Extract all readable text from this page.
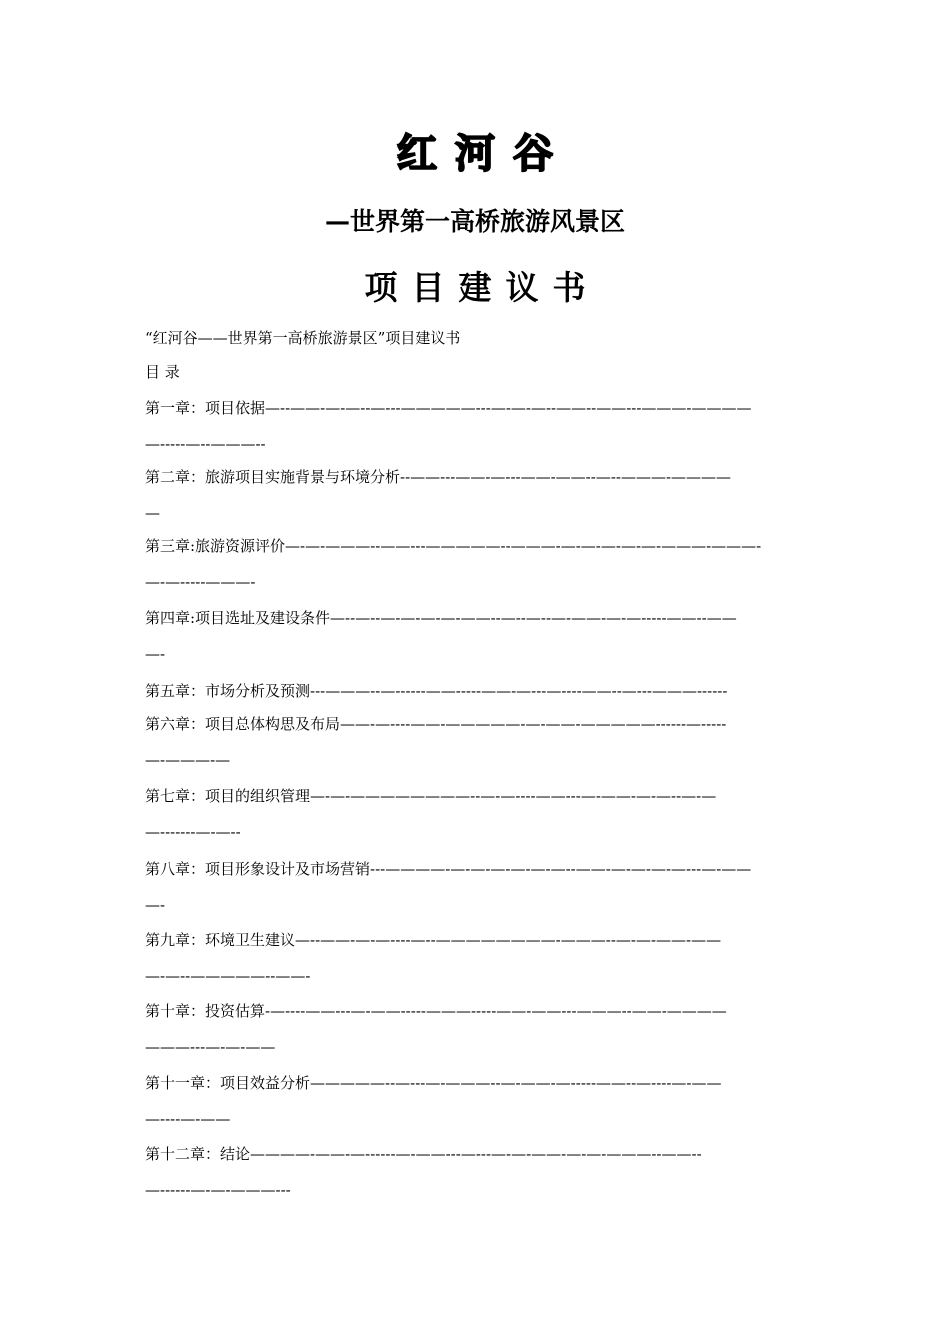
红河谷
—世界第一高桥旅游风景区
项目建议书
“红河谷——世界第一高桥旅游景区”项目建议书
目 录
第一章：项目依据—--——-—-—--—---—————---—-—-—--——--——---———-————
—-----—--———--
第二章：旅游项目实施背景与环境分析--——---——-—---——-——--—--———-————
—
第三章:旅游资源评价—-—-———--——---—————--———-—-—-—-—-—-———-———-
—-—-----———-
第四章:项目选址及建设条件—--—--—-—-—-—-——--—--—--—-——-—-—-----——--——
—-
第五章：市场分析及预测---———--—------——-----——-—---—----——--—---———------
第六章：项目总体构思及布局——-—----——-—————-—-——-—————------—-----
—-———-—
第七章：项目的组织管理—-—-————————--—-—----——---—-——-—-—--—-—
—-------—-—--
第八章：项目形象设计及市场营销---————-—-—-—-—-—-—--——-—-—-—-—---—-——
—-
第九章：环境卫生建议—--——-—-—----—--————————-———--—-—-——-——
—-—--—————--——-
第十章：投资估算-—----——---—-——-----———-----——-——---———--——-————
———---—-—-——
第十一章：项目效益分析—————--—---—-———--—-——-—-----——--—----—-——
—----—-——
第十二章：结论————-——-—------—-——---—---—-—-——-—-—-———--——--
—------—-—-———---
